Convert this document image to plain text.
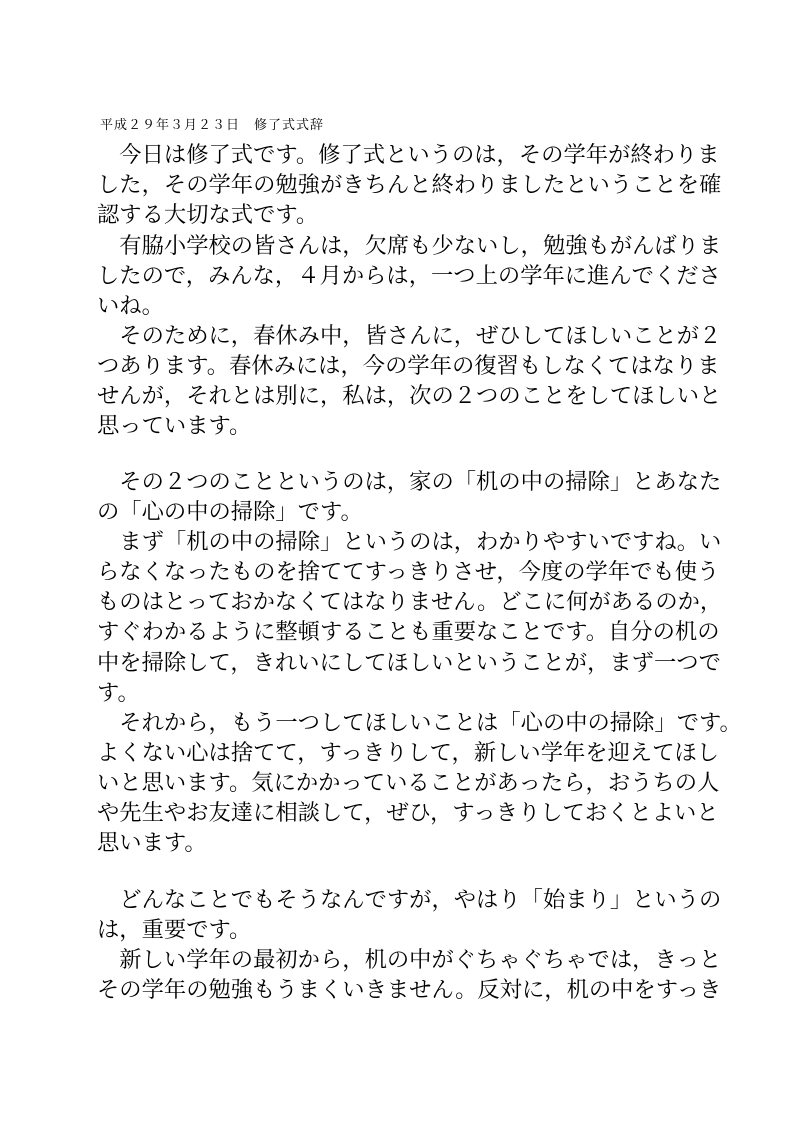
平成２９年３月２３日　修了式式辞
　今日は修了式です。修了式というのは，その学年が終わりま
した，その学年の勉強がきちんと終わりましたということを確
認する大切な式です。
　有脇小学校の皆さんは，欠席も少ないし，勉強もがんばりま
したので，みんな，４月からは，一つ上の学年に進んでくださ
いね。
　そのために，春休み中，皆さんに，ぜひしてほしいことが２
つあります。春休みには，今の学年の復習もしなくてはなりま
せんが，それとは別に，私は，次の２つのことをしてほしいと
思っています。
　その２つのことというのは，家の「机の中の掃除」とあなた
の「心の中の掃除」です。
　まず「机の中の掃除」というのは，わかりやすいですね。い
らなくなったものを捨ててすっきりさせ，今度の学年でも使う
ものはとっておかなくてはなりません。どこに何があるのか，
すぐわかるように整頓することも重要なことです。自分の机の
中を掃除して，きれいにしてほしいということが，まず一つで
す。
　それから，もう一つしてほしいことは「心の中の掃除」です。
よくない心は捨てて，すっきりして，新しい学年を迎えてほし
いと思います。気にかかっていることがあったら，おうちの人
や先生やお友達に相談して，ぜひ，すっきりしておくとよいと
思います。
　どんなことでもそうなんですが，やはり「始まり」というの
は，重要です。
　新しい学年の最初から，机の中がぐちゃぐちゃでは，きっと
その学年の勉強もうまくいきません。反対に，机の中をすっき
